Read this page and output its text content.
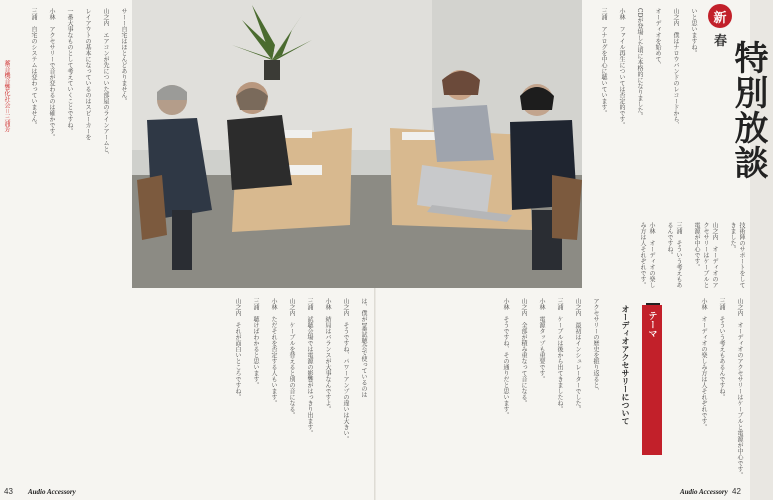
サーー自宅はほとんどありません。
山之内　エアコンが先についた部屋のラインアームと、
レイアウトの基本になっているのはスピーカーを
一番大事なものとして考えていくことですね。
小林　アクセサリーで音が変わるのは確かです。
三浦　自宅のシステムは変わっていません。	いと思いますね。
山之内　僕はナロウバンドのレコードから、
オーディオを始めて、
CDが登場した頃に本格的になりました。
小林　ファイル再生については否定的です。
三浦　アナログを中心に聴いています。
技術陣のサポートをしてきました。
山之内　オーディオのアクセサリーはケーブルと電源が中心です。
三浦　そういう考えもあるんですね。
小林　オーディオの楽しみ方は人それぞれです。
新
春 特別放談
は、僕が1番試聴会で使っているのは
山之内　そうですね、パワーアンプの違いは大きい。
小林　結局はバランスが大事なんですよ。
三浦　試聴会場では電源の影響がはっきり出ます。
山之内　ケーブルを替えると別の音になる。
小林　ただそれを否定する人もいます。
三浦　聴けばわかると思います。
山之内　それが面白いところですね。	アクセサリーの歴史を振り返ると、
山之内　最初はインシュレーターでした。
三浦　ケーブルは後から出てきましたね。
小林　電源タップも重要です。
山之内　全部が積み重なって音になる。
小林　そうですね、その通りだと思います。	テーマ
オーディオアクセサリーについて	山之内　オーディオのアクセサリーはケーブルと電源が中心です。
三浦　そういう考えもあるんですね。
小林　オーディオの楽しみ方は人それぞれです。
蓄音機音響化社会＝三浦芳
43 Audio Accessory	Audio Accessory 42
